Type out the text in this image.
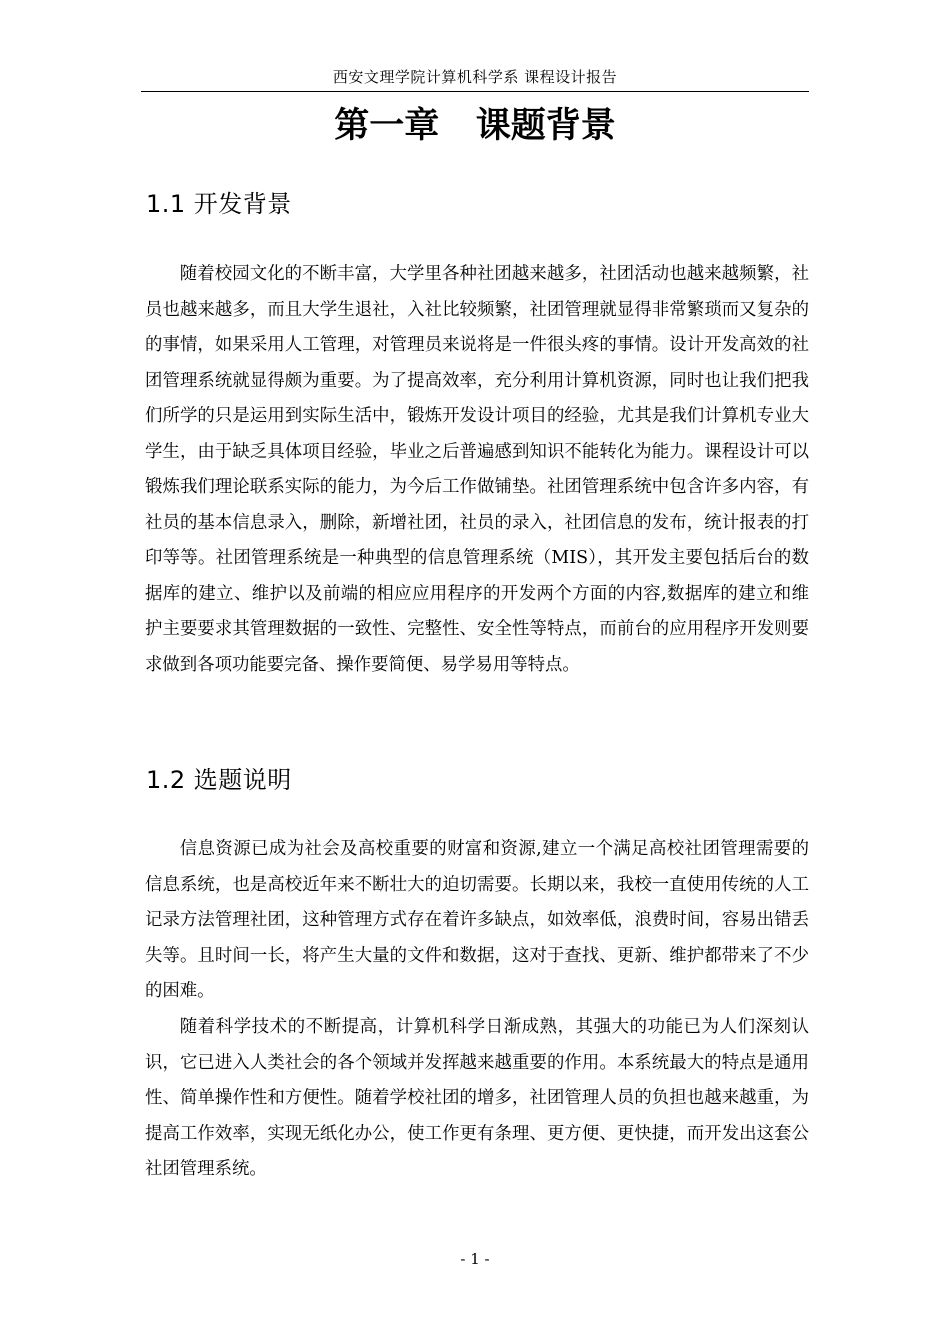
西安文理学院计算机科学系 课程设计报告
第一章   课题背景
1.1 开发背景

随着校园文化的不断丰富，大学里各种社团越来越多，社团活动也越来越频繁，社员也越来越多，而且大学生退社，入社比较频繁，社团管理就显得非常繁琐而又复杂的的事情，如果采用人工管理，对管理员来说将是一件很头疼的事情。设计开发高效的社团管理系统就显得颇为重要。为了提高效率，充分利用计算机资源，同时也让我们把我们所学的只是运用到实际生活中，锻炼开发设计项目的经验，尤其是我们计算机专业大学生，由于缺乏具体项目经验，毕业之后普遍感到知识不能转化为能力。课程设计可以锻炼我们理论联系实际的能力，为今后工作做铺垫。社团管理系统中包含许多内容，有社员的基本信息录入，删除，新增社团，社员的录入，社团信息的发布，统计报表的打印等等。社团管理系统是一种典型的信息管理系统（MIS），其开发主要包括后台的数据库的建立、维护以及前端的相应应用程序的开发两个方面的内容,数据库的建立和维护主要要求其管理数据的一致性、完整性、安全性等特点，而前台的应用程序开发则要求做到各项功能要完备、操作要简便、易学易用等特点。

1.2 选题说明

信息资源已成为社会及高校重要的财富和资源,建立一个满足高校社团管理需要的信息系统，也是高校近年来不断壮大的迫切需要。长期以来，我校一直使用传统的人工记录方法管理社团，这种管理方式存在着许多缺点，如效率低，浪费时间，容易出错丢失等。且时间一长，将产生大量的文件和数据，这对于查找、更新、维护都带来了不少的困难。

随着科学技术的不断提高，计算机科学日渐成熟，其强大的功能已为人们深刻认识，它已进入人类社会的各个领域并发挥越来越重要的作用。本系统最大的特点是通用性、简单操作性和方便性。随着学校社团的增多，社团管理人员的负担也越来越重，为提高工作效率，实现无纸化办公，使工作更有条理、更方便、更快捷，而开发出这套公社团管理系统。

- 1 -
